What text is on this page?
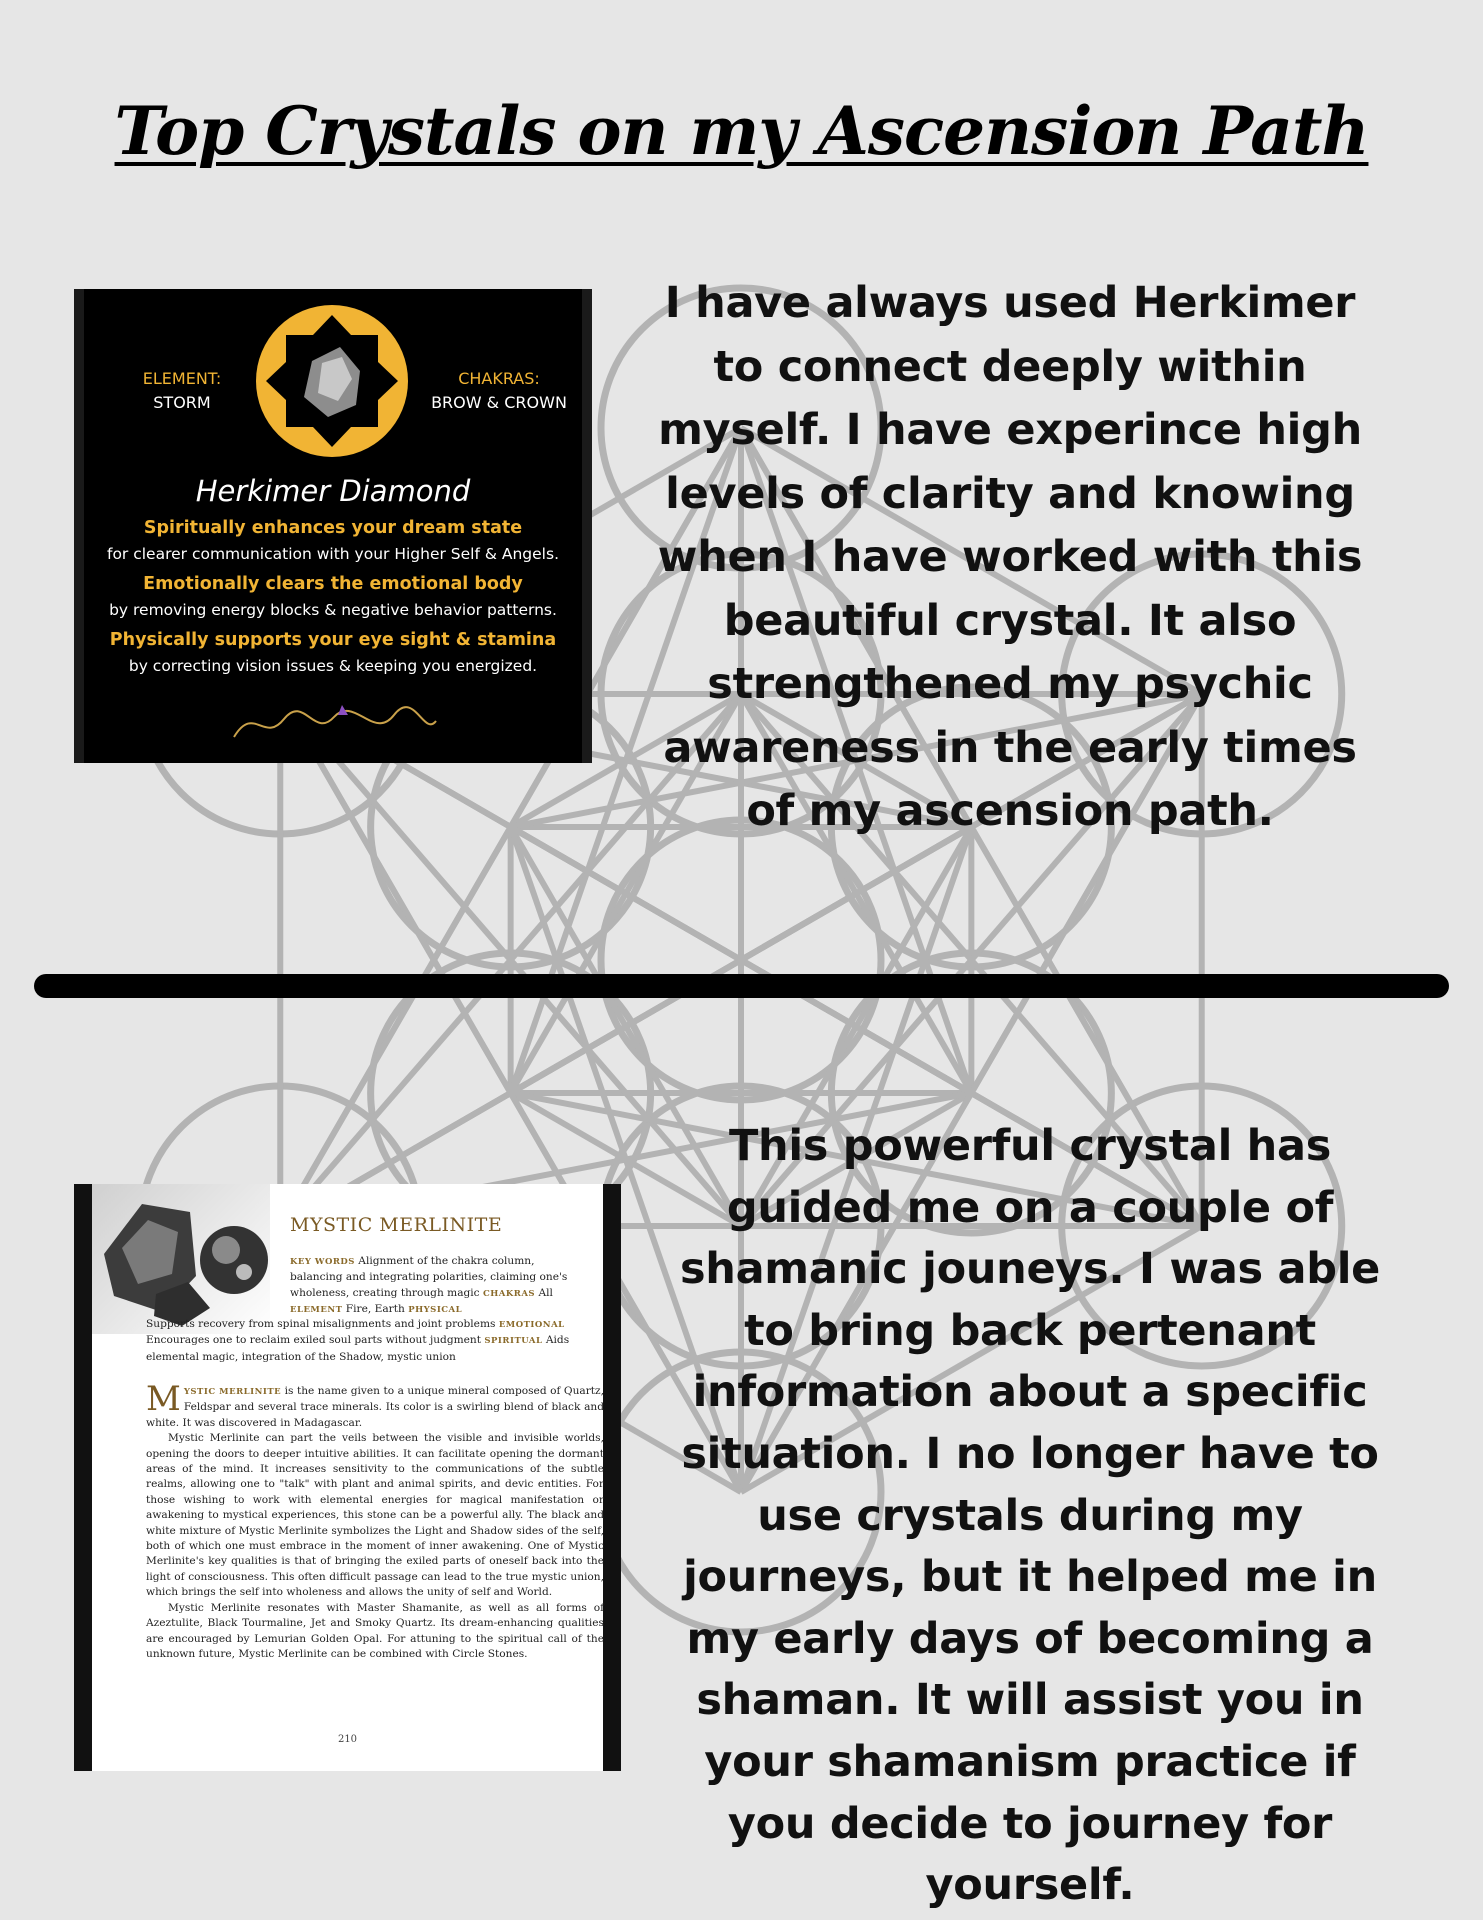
Top Crystals on my Ascension Path
ELEMENT:
STORM
CHAKRAS:
BROW & CROWN
Herkimer Diamond
Spiritually enhances your dream state
for clearer communication with your Higher Self & Angels.
Emotionally clears the emotional body
by removing energy blocks & negative behavior patterns.
Physically supports your eye sight & stamina
by correcting vision issues & keeping you energized.
I have always used Herkimer to connect deeply within myself. I have experince high levels of clarity and knowing when I have worked with this beautiful crystal. It also strengthened my psychic awareness in the early times of my ascension path.
MYSTIC MERLINITE
KEY WORDS Alignment of the chakra column, balancing and integrating polarities, claiming one's wholeness, creating through magic CHAKRAS All ELEMENT Fire, Earth PHYSICAL
Supports recovery from spinal misalignments and joint problems EMOTIONAL Encourages one to reclaim exiled soul parts without judgment SPIRITUAL Aids elemental magic, integration of the Shadow, mystic union

MYSTIC MERLINITE is the name given to a unique mineral composed of Quartz, Feldspar and several trace minerals. Its color is a swirling blend of black and white. It was discovered in Madagascar.

Mystic Merlinite can part the veils between the visible and invisible worlds, opening the doors to deeper intuitive abilities. It can facilitate opening the dormant areas of the mind. It increases sensitivity to the communications of the subtle realms, allowing one to "talk" with plant and animal spirits, and devic entities. For those wishing to work with elemental energies for magical manifestation or awakening to mystical experiences, this stone can be a powerful ally. The black and white mixture of Mystic Merlinite symbolizes the Light and Shadow sides of the self, both of which one must embrace in the moment of inner awakening. One of Mystic Merlinite's key qualities is that of bringing the exiled parts of oneself back into the light of consciousness. This often difficult passage can lead to the true mystic union, which brings the self into wholeness and allows the unity of self and World.

Mystic Merlinite resonates with Master Shamanite, as well as all forms of Azeztulite, Black Tourmaline, Jet and Smoky Quartz. Its dream-enhancing qualities are encouraged by Lemurian Golden Opal. For attuning to the spiritual call of the unknown future, Mystic Merlinite can be combined with Circle Stones.

210
This powerful crystal has guided me on a couple of shamanic jouneys. I was able to bring back pertenant information about a specific situation. I no longer have to use crystals during my journeys, but it helped me in my early days of becoming a shaman. It will assist you in your shamanism practice if you decide to journey for yourself.
